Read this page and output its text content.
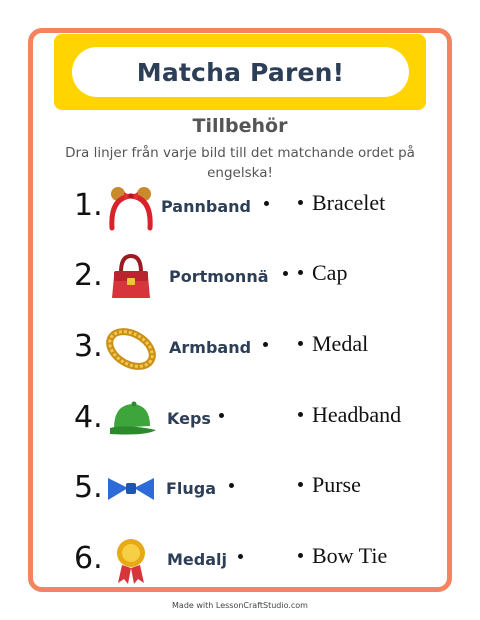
Matcha Paren!
Tillbehör
Dra linjer från varje bild till det matchande ordet på engelska!
1.	Pannband	Bracelet
2.	Portmonnä	Cap
3.	Armband	Medal
4.	Keps	Headband
5.	Fluga	Purse
6.	Medalj	Bow Tie
Made with LessonCraftStudio.com
